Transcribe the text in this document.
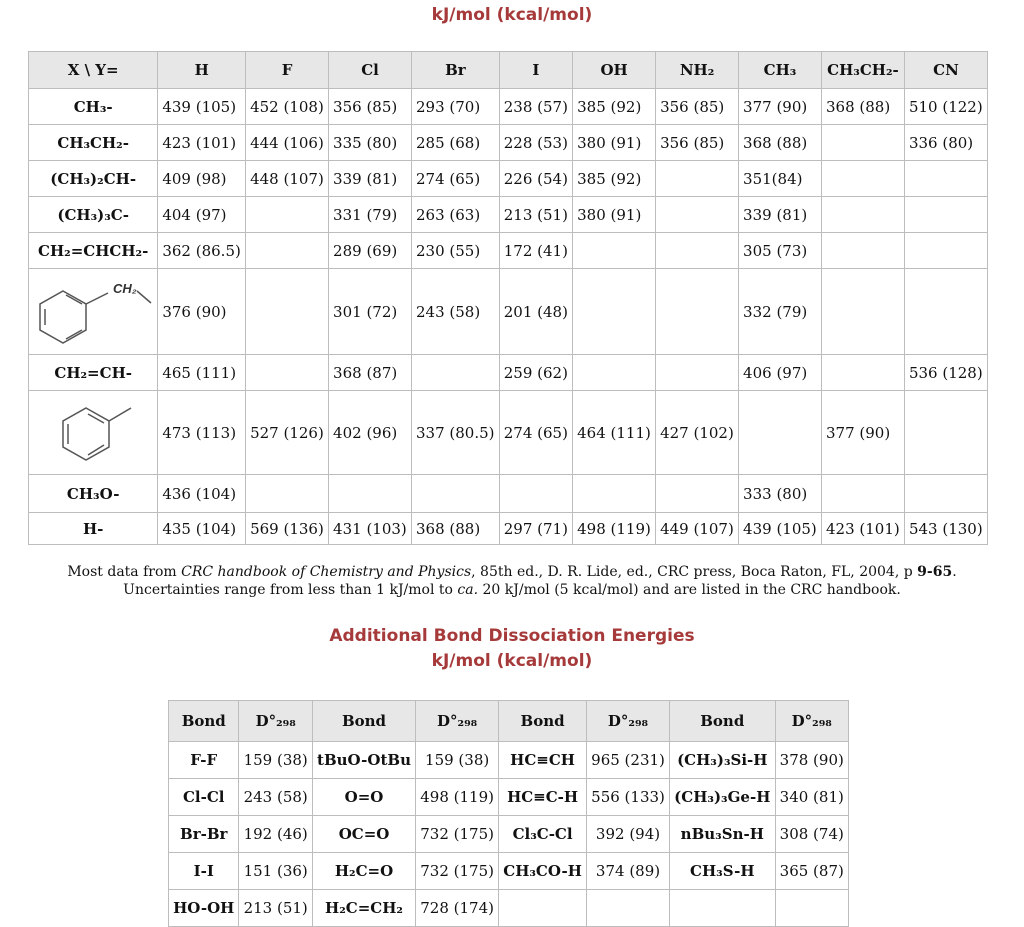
kJ/mol (kcal/mol)
X \ Y=	H	F	Cl	Br	I	OH	NH₂	CH₃	CH₃CH₂-	CN
CH₃-	439 (105)	452 (108)	356 (85)	293 (70)	238 (57)	385 (92)	356 (85)	377 (90)	368 (88)	510 (122)
CH₃CH₂-	423 (101)	444 (106)	335 (80)	285 (68)	228 (53)	380 (91)	356 (85)	368 (88)		336 (80)
(CH₃)₂CH-	409 (98)	448 (107)	339 (81)	274 (65)	226 (54)	385 (92)		351(84)		
(CH₃)₃C-	404 (97)		331 (79)	263 (63)	213 (51)	380 (91)		339 (81)		
CH₂=CHCH₂-	362 (86.5)		289 (69)	230 (55)	172 (41)			305 (73)		

CH₂	376 (90)		301 (72)	243 (58)	201 (48)			332 (79)		
CH₂=CH-	465 (111)		368 (87)		259 (62)			406 (97)		536 (128)

	473 (113)	527 (126)	402 (96)	337 (80.5)	274 (65)	464 (111)	427 (102)		377 (90)	
CH₃O-	436 (104)							333 (80)		
H-	435 (104)	569 (136)	431 (103)	368 (88)	297 (71)	498 (119)	449 (107)	439 (105)	423 (101)	543 (130)
Most data from CRC handbook of Chemistry and Physics, 85th ed., D. R. Lide, ed., CRC press, Boca Raton, FL, 2004, p 9-65.
Uncertainties range from less than 1 kJ/mol to ca. 20 kJ/mol (5 kcal/mol) and are listed in the CRC handbook.
Additional Bond Dissociation Energies
kJ/mol (kcal/mol)
Bond	D°₂₉₈	Bond	D°₂₉₈	Bond	D°₂₉₈	Bond	D°₂₉₈
F-F	159 (38)	tBuO-OtBu	159 (38)	HC≡CH	965 (231)	(CH₃)₃Si-H	378 (90)
Cl-Cl	243 (58)	O=O	498 (119)	HC≡C-H	556 (133)	(CH₃)₃Ge-H	340 (81)
Br-Br	192 (46)	OC=O	732 (175)	Cl₃C-Cl	392 (94)	nBu₃Sn-H	308 (74)
I-I	151 (36)	H₂C=O	732 (175)	CH₃CO-H	374 (89)	CH₃S-H	365 (87)
HO-OH	213 (51)	H₂C=CH₂	728 (174)				
